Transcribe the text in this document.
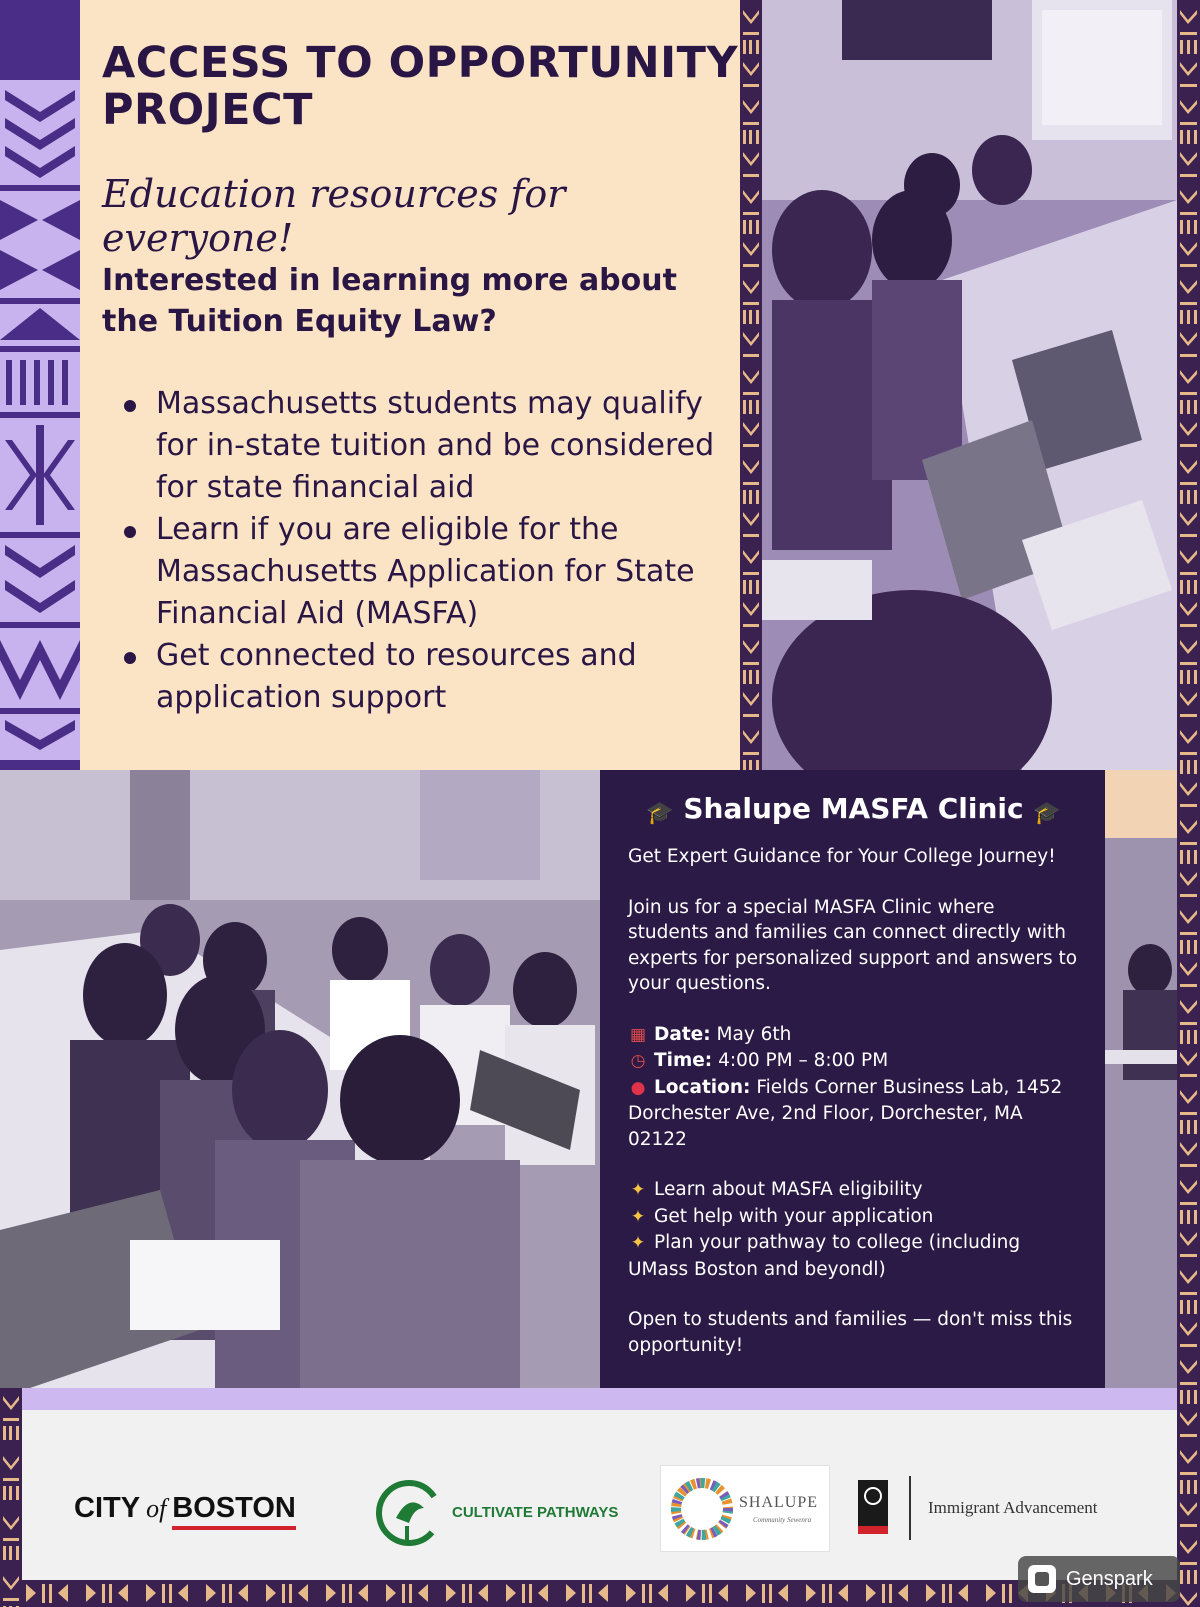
ACCESS TO OPPORTUNITY PROJECT
Education resources for everyone!
Interested in learning more about the Tuition Equity Law?
Massachusetts students may qualify for in-state tuition and be considered for state financial aid
Learn if you are eligible for the Massachusetts Application for State Financial Aid (MASFA)
Get connected to resources and application support
🎓 Shalupe MASFA Clinic 🎓
Get Expert Guidance for Your College Journey!
Join us for a special MASFA Clinic where students and families can connect directly with experts for personalized support and answers to your questions.
▦ Date: May 6th
◷ Time: 4:00 PM – 8:00 PM
● Location: Fields Corner Business Lab, 1452 Dorchester Ave, 2nd Floor, Dorchester, MA 02122
✦ Learn about MASFA eligibility
✦ Get help with your application
✦ Plan your pathway to college (including UMass Boston and beyondl)
Open to students and families — don't miss this opportunity!
CITY of BOSTON	CULTIVATE PATHWAYS
SHALUPE
Community Sewenra
Immigrant Advancement
Genspark
